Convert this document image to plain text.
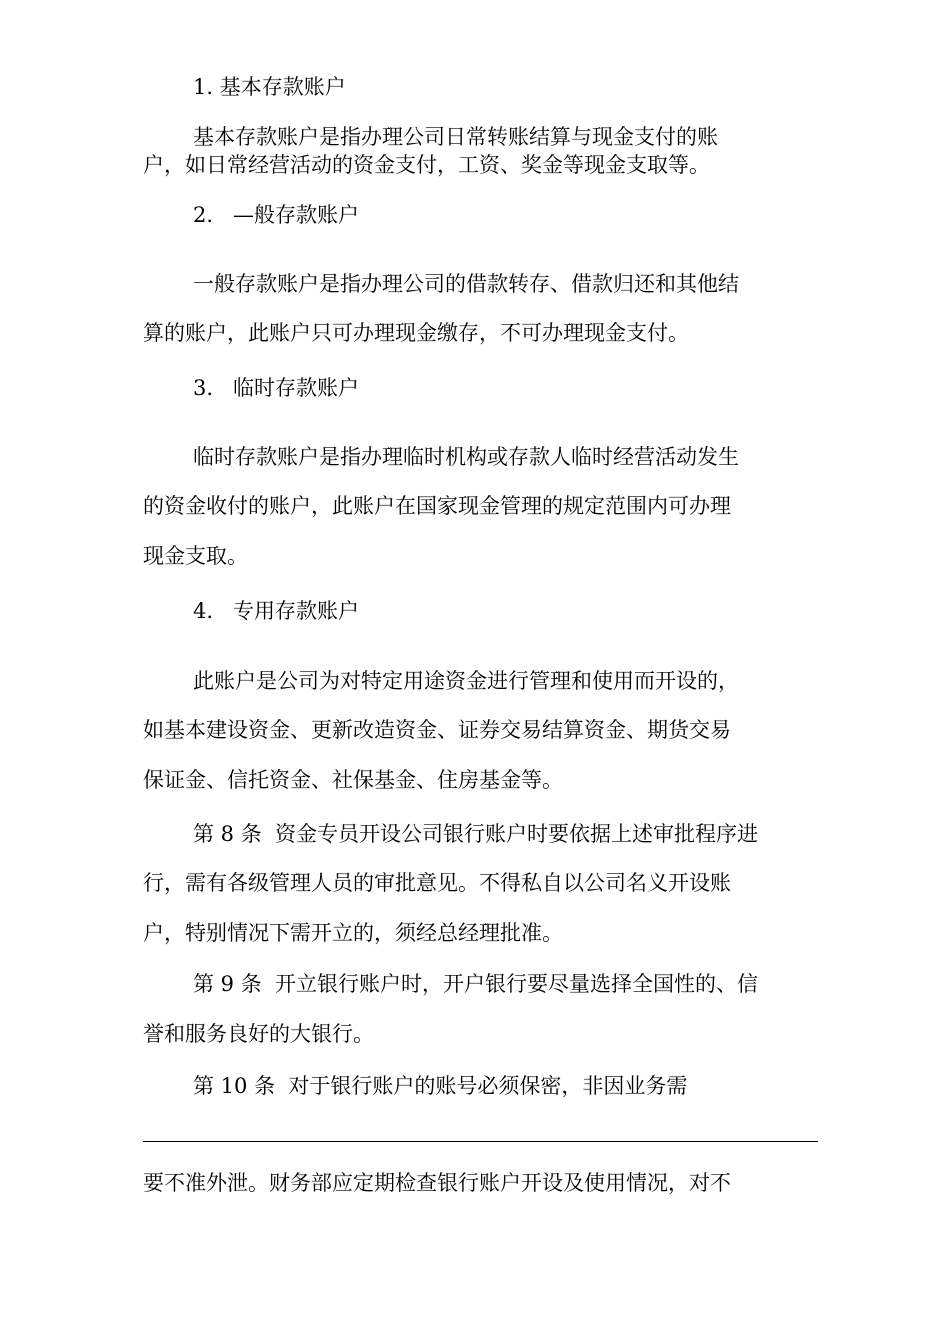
1. 基本存款账户
基本存款账户是指办理公司日常转账结算与现金支付的账
户，如日常经营活动的资金支付，工资、奖金等现金支取等。
2.   —般存款账户
一般存款账户是指办理公司的借款转存、借款归还和其他结
算的账户，此账户只可办理现金缴存，不可办理现金支付。
3.   临时存款账户
临时存款账户是指办理临时机构或存款人临时经营活动发生
的资金收付的账户，此账户在国家现金管理的规定范围内可办理
现金支取。
4.   专用存款账户
此账户是公司为对特定用途资金进行管理和使用而开设的，
如基本建设资金、更新改造资金、证券交易结算资金、期货交易
保证金、信托资金、社保基金、住房基金等。
第 8 条  资金专员开设公司银行账户时要依据上述审批程序进
行，需有各级管理人员的审批意见。不得私自以公司名义开设账
户，特别情况下需开立的，须经总经理批准。
第 9 条  开立银行账户时，开户银行要尽量选择全国性的、信
誉和服务良好的大银行。
第 10 条  对于银行账户的账号必须保密，非因业务需
要不准外泄。财务部应定期检查银行账户开设及使用情况，对不
